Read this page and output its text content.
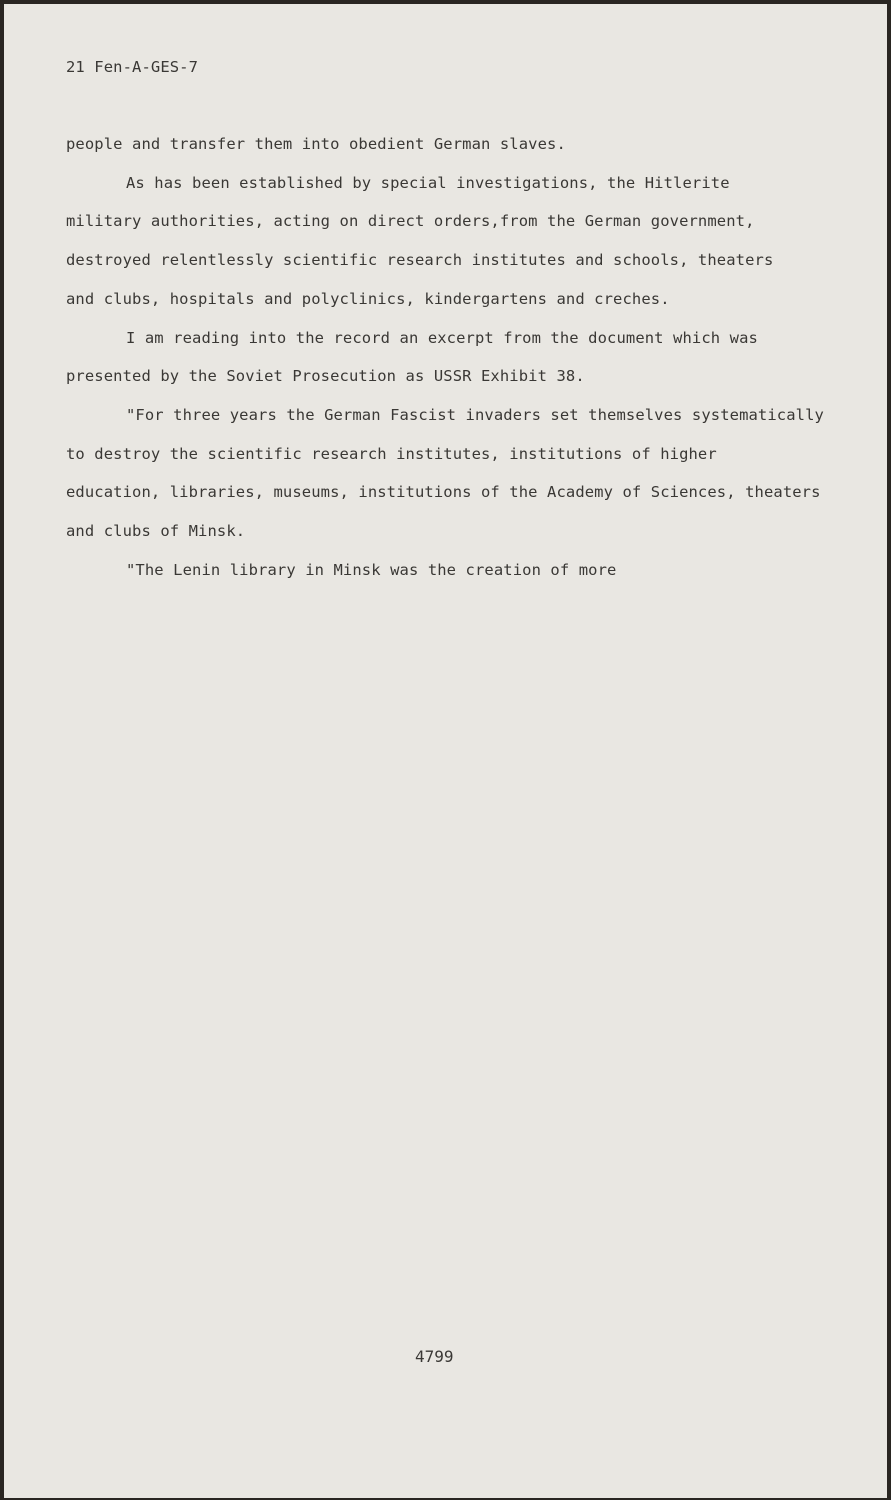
21 Fen-A-GES-7

people and transfer them into obedient German slaves.

As has been established by special investigations, the Hitlerite

military authorities, acting on direct orders,from the German government,

destroyed relentlessly scientific research institutes and schools, theaters

and clubs, hospitals and polyclinics, kindergartens and creches.

I am reading into the record an excerpt from the document which was

presented by the Soviet Prosecution as USSR Exhibit 38.

"For three years the German Fascist invaders set themselves systematically

to destroy the scientific research institutes, institutions of higher

education, libraries, museums, institutions of the Academy of Sciences, theaters

and clubs of Minsk.

"The Lenin library in Minsk was the creation of more

4799
